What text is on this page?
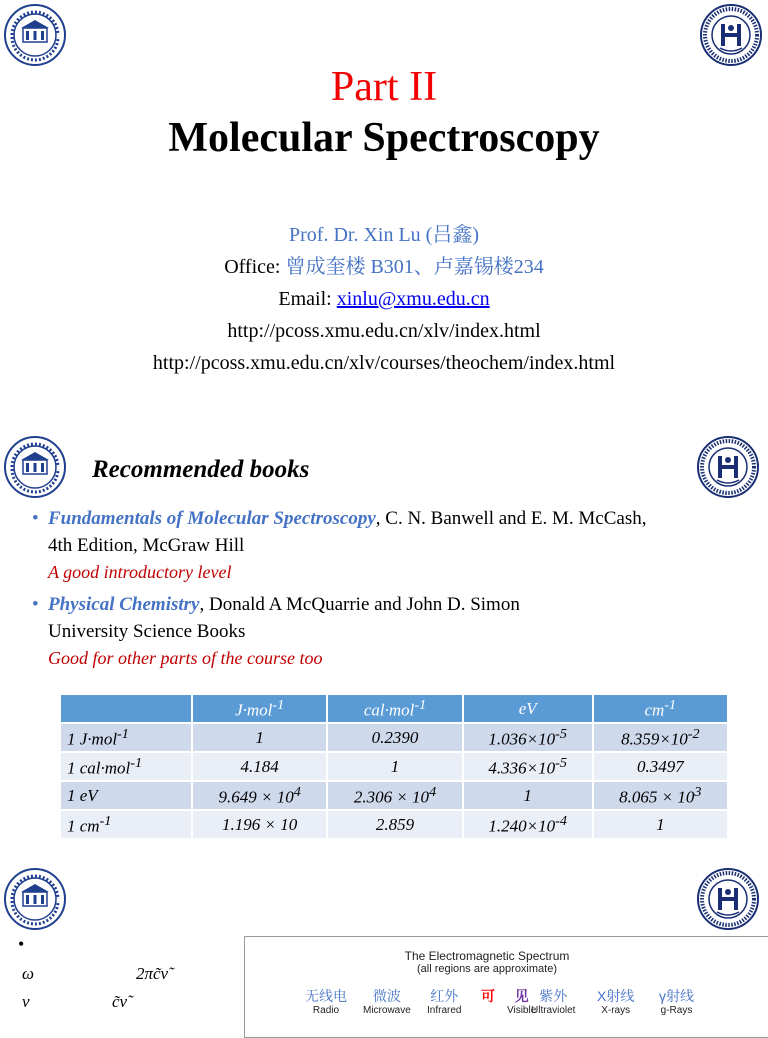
Part II
Molecular Spectroscopy
Prof. Dr. Xin Lu (吕鑫)
Office: 曾成奎楼 B301、卢嘉锡楼234
Email: xinlu@xmu.edu.cn
http://pcoss.xmu.edu.cn/xlv/index.html
http://pcoss.xmu.edu.cn/xlv/courses/theochem/index.html
Recommended books
• Fundamentals of Molecular Spectroscopy, C. N. Banwell and E. M. McCash,
4th Edition, McGraw Hill
A good introductory level
• Physical Chemistry, Donald A McQuarrie and John D. Simon
University Science Books
Good for other parts of the course too
	J·mol$^{-1}$	cal·mol$^{-1}$	eV	$cm^{-1}$
1 J·mol$^{-1}$	1	0.2390	$1.036\times 10^{-5}$	$8.359\times 10^{-2}$
1 cal·mol$^{-1}$	4.184	1	$4.336\times 10^{-5}$	0.3497
1 eV	$9.649 \times 10^4$	$2.306 \times 10^4$	1	$8.065 \times 10^3$
1 $cm^{-1}$	1.196 × 10	2.859	$1.240\times 10^{-4}$	1
•
ω	2πc̃ν̃
ν	c̃ν̃
The Electromagnetic Spectrum
(all regions are approximate)
无线电
Radio
微波
Microwave
红外
Infrared
可	见
Visible
紫外
Ultraviolet
X射线
X-rays
γ射线
g-Rays
